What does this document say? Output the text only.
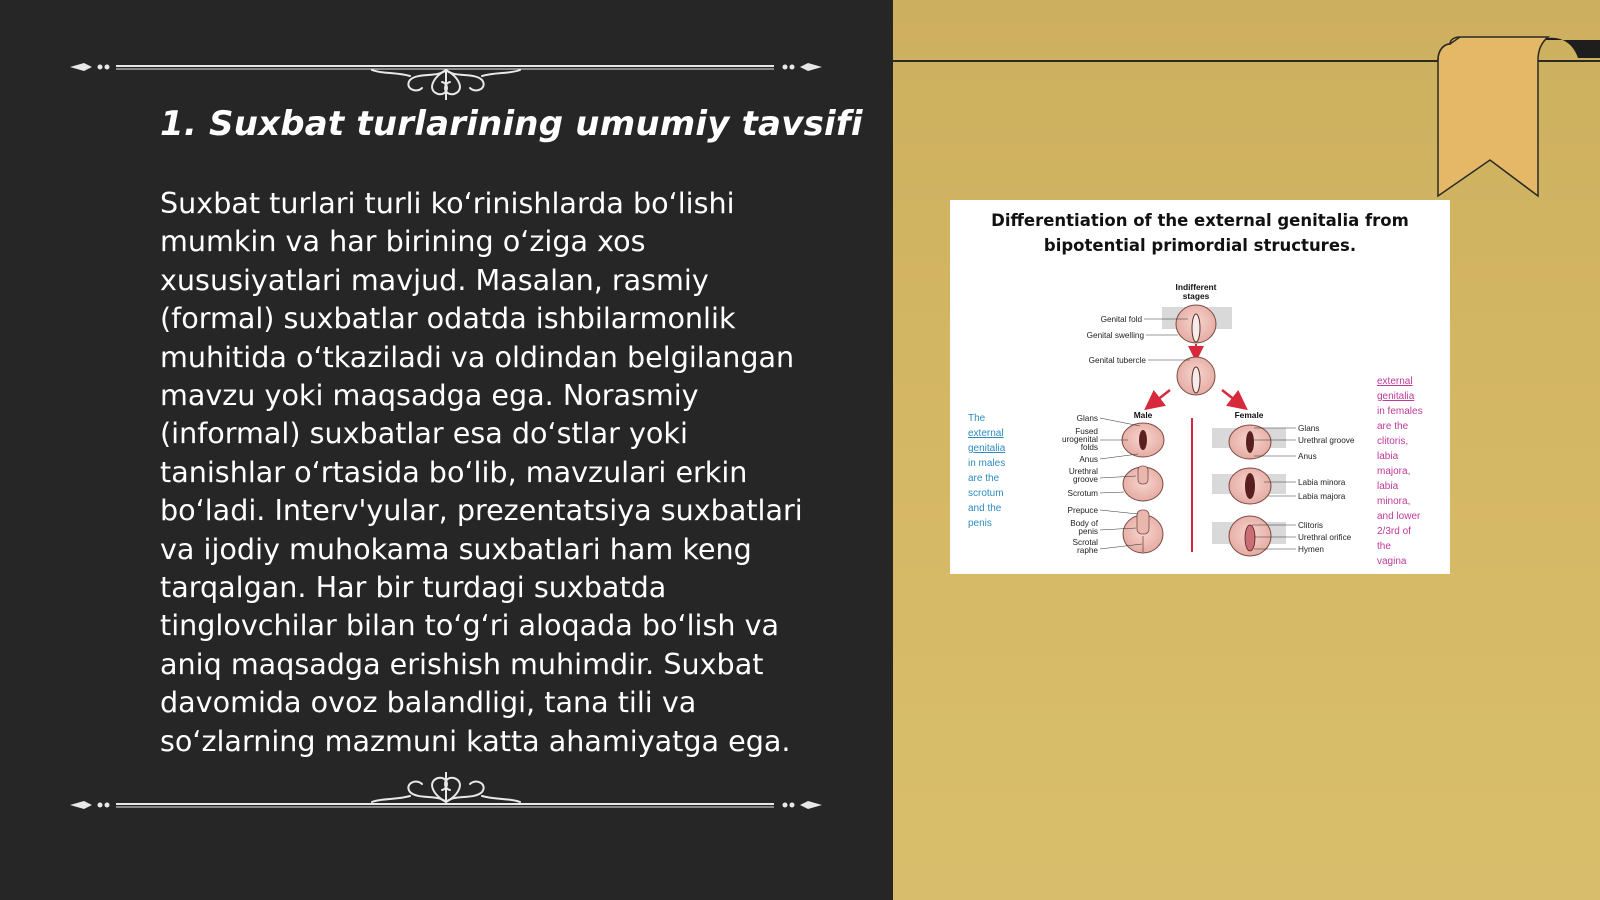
1. Suxbat turlarining umumiy tavsifi
Suxbat turlari turli koʻrinishlarda boʻlishi
mumkin va har birining oʻziga xos
xususiyatlari mavjud. Masalan, rasmiy
(formal) suxbatlar odatda ishbilarmonlik
muhitida oʻtkaziladi va oldindan belgilangan
mavzu yoki maqsadga ega. Norasmiy
(informal) suxbatlar esa doʻstlar yoki
tanishlar oʻrtasida boʻlib, mavzulari erkin
boʻladi. Interv'yular, prezentatsiya suxbatlari
va ijodiy muhokama suxbatlari ham keng
tarqalgan. Har bir turdagi suxbatda
tinglovchilar bilan toʻgʻri aloqada boʻlish va
aniq maqsadga erishish muhimdir. Suxbat
davomida ovoz balandligi, tana tili va
soʻzlarning mazmuni katta ahamiyatga ega.
Differentiation of the external genitalia from
bipotential primordial structures.
Indifferent
stages
Genital fold
Genital swelling
Genital tubercle
Male	Female
Glans
Fused
urogenital
folds
Anus
Urethral
groove
Scrotum
Prepuce
Body of
penis
Scrotal
raphe
Glans
Urethral groove
Anus
Labia minora
Labia majora
Clitoris
Urethral orifice
Hymen
The
external
genitalia
in males
are the
scrotum
and the
penis
external
genitalia
in females
are the
clitoris,
labia
majora,
labia
minora,
and lower
2/3rd of
the
vagina
